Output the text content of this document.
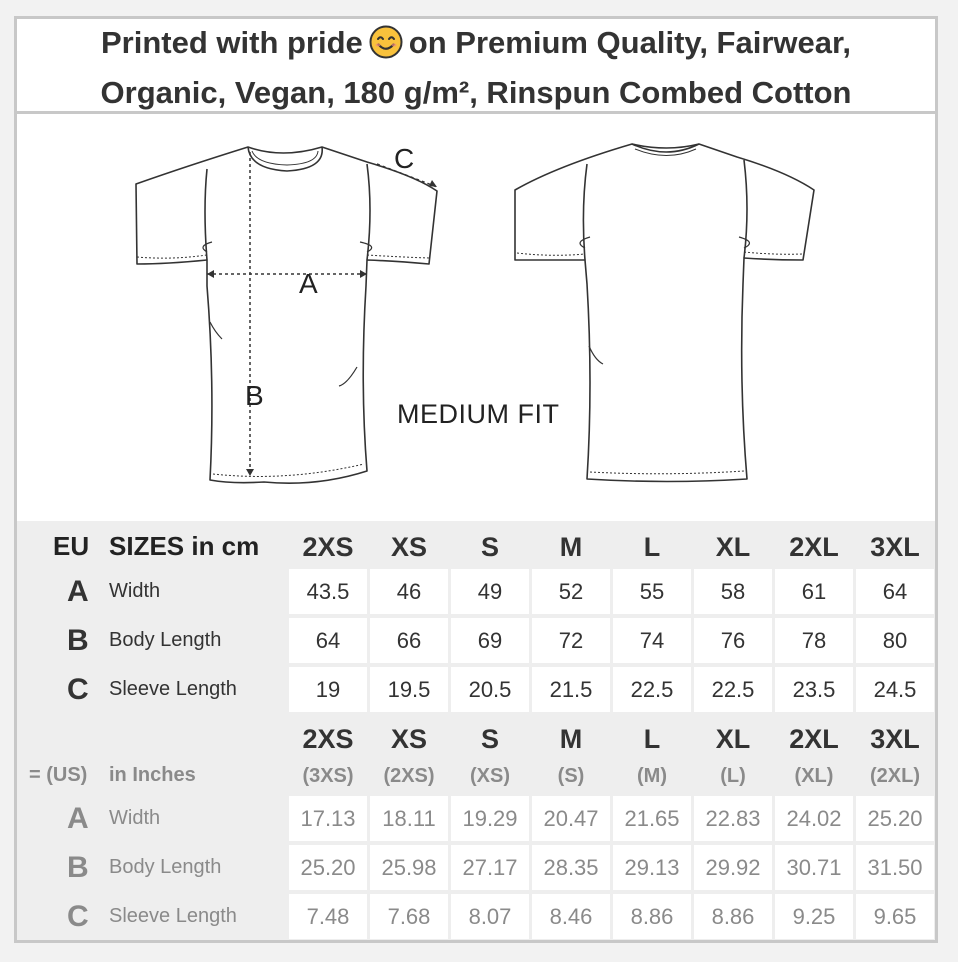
Printed with pride on Premium Quality, Fairwear,
Organic, Vegan, 180 g/m², Rinspun Combed Cotton
A
B
C
MEDIUM FIT
EU SIZES in cm	2XS	XS	S	M	L	XL	2XL	3XL
A Width	43.5	46	49	52	55	58	61	64
B Body Length	64	66	69	72	74	76	78	80
C Sleeve Length	19	19.5	20.5	21.5	22.5	22.5	23.5	24.5
= (US) in Inches
2XS	XS	S	M	L	XL	2XL	3XL
(3XS)	(2XS)	(XS)	(S)	(M)	(L)	(XL)	(2XL)
A Width	17.13	18.11	19.29	20.47	21.65	22.83	24.02	25.20
B Body Length	25.20	25.98	27.17	28.35	29.13	29.92	30.71	31.50
C Sleeve Length	7.48	7.68	8.07	8.46	8.86	8.86	9.25	9.65
